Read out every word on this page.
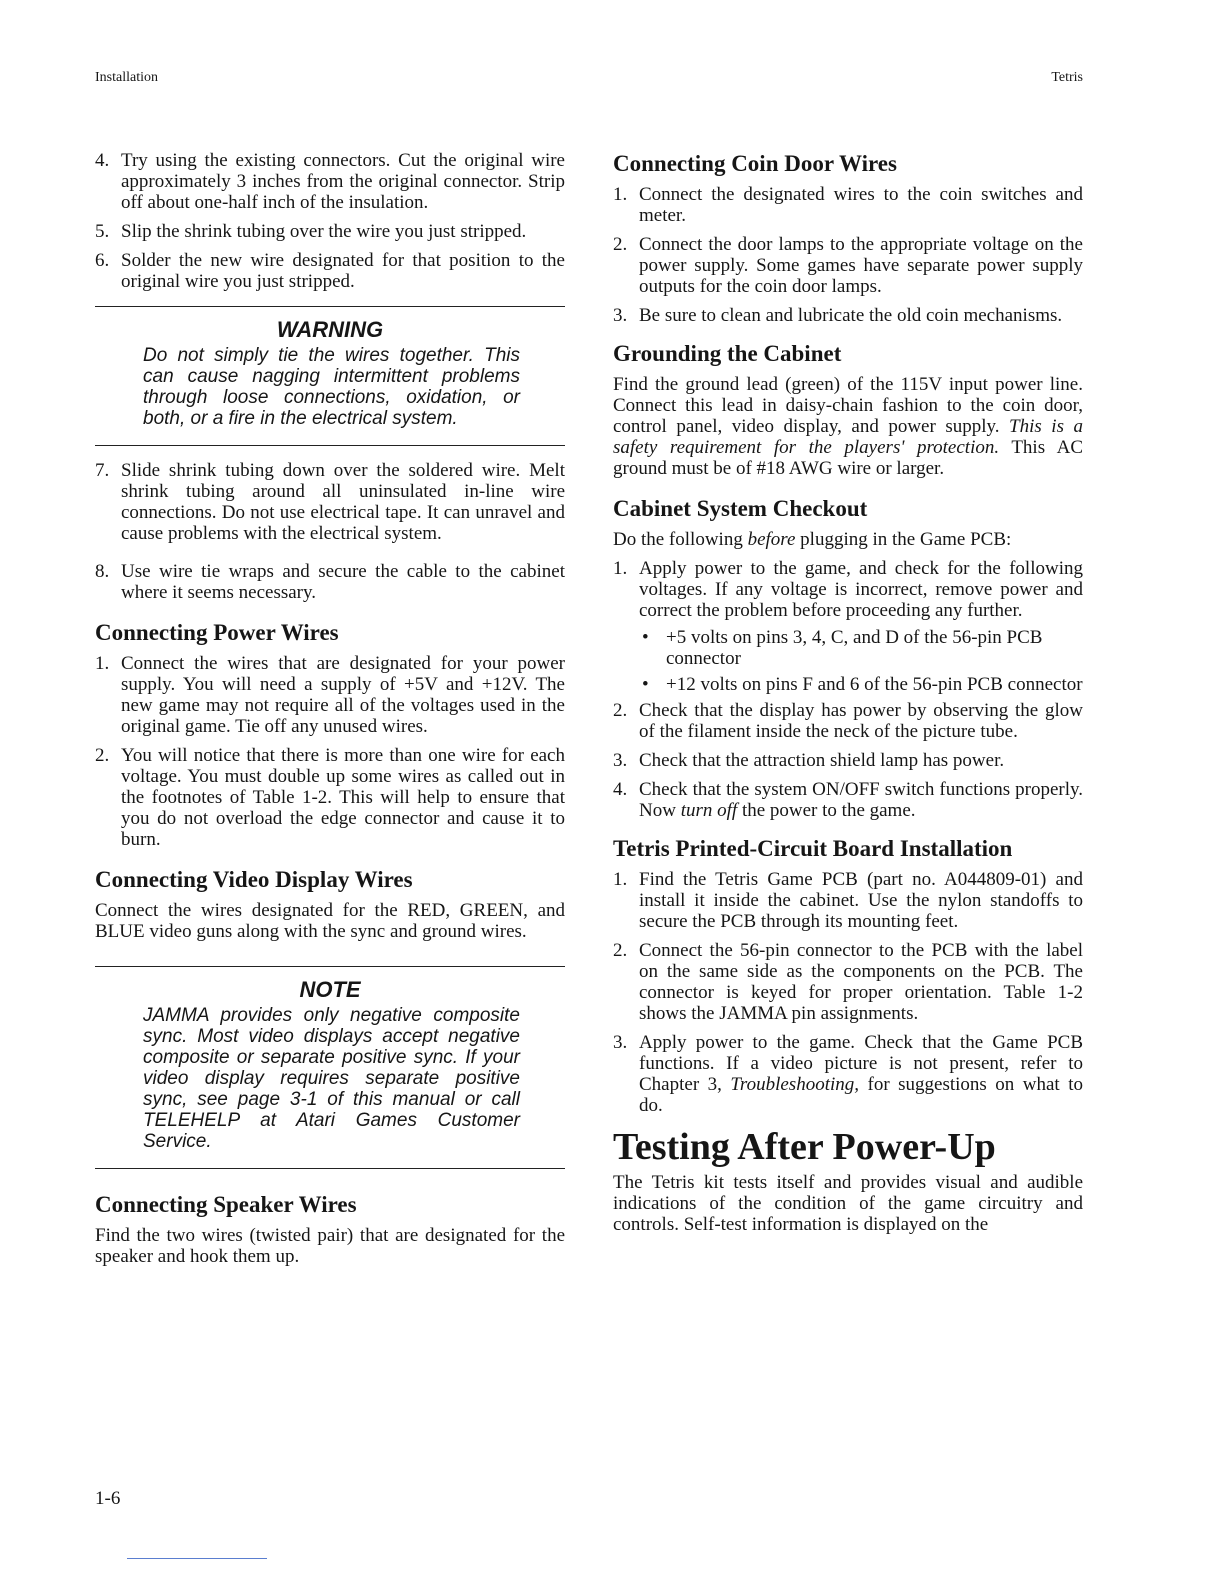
Installation	Tetris
4. Try using the existing connectors. Cut the original wire approximately 3 inches from the original connector. Strip off about one-half inch of the insulation.
5. Slip the shrink tubing over the wire you just stripped.
6. Solder the new wire designated for that position to the original wire you just stripped.
WARNING
Do not simply tie the wires together. This can cause nagging intermittent problems through loose connections, oxidation, or both, or a fire in the electrical system.
7. Slide shrink tubing down over the soldered wire. Melt shrink tubing around all uninsulated in-line wire connections. Do not use electrical tape. It can unravel and cause problems with the electrical system.
8. Use wire tie wraps and secure the cable to the cabinet where it seems necessary.
Connecting Power Wires
1. Connect the wires that are designated for your power supply. You will need a supply of +5V and +12V. The new game may not require all of the voltages used in the original game. Tie off any unused wires.
2. You will notice that there is more than one wire for each voltage. You must double up some wires as called out in the footnotes of Table 1-2. This will help to ensure that you do not overload the edge connector and cause it to burn.
Connecting Video Display Wires

Connect the wires designated for the RED, GREEN, and BLUE video guns along with the sync and ground wires.

NOTE
JAMMA provides only negative composite sync. Most video displays accept negative composite or separate positive sync. If your video display requires separate positive sync, see page 3-1 of this manual or call TELEHELP at Atari Games Customer Service.
Connecting Speaker Wires

Find the two wires (twisted pair) that are designated for the speaker and hook them up.

Connecting Coin Door Wires
1. Connect the designated wires to the coin switches and meter.
2. Connect the door lamps to the appropriate voltage on the power supply. Some games have separate power supply outputs for the coin door lamps.
3. Be sure to clean and lubricate the old coin mechanisms.
Grounding the Cabinet

Find the ground lead (green) of the 115V input power line. Connect this lead in daisy-chain fashion to the coin door, control panel, video display, and power supply. This is a safety requirement for the players' protection. This AC ground must be of #18 AWG wire or larger.

Cabinet System Checkout

Do the following before plugging in the Game PCB:

1. Apply power to the game, and check for the following voltages. If any voltage is incorrect, remove power and correct the problem before proceeding any further.
• +5 volts on pins 3, 4, C, and D of the 56-pin PCB connector
• +12 volts on pins F and 6 of the 56-pin PCB connector
2. Check that the display has power by observing the glow of the filament inside the neck of the picture tube.
3. Check that the attraction shield lamp has power.
4. Check that the system ON/OFF switch functions properly. Now turn off the power to the game.
Tetris Printed-Circuit Board Installation
1. Find the Tetris Game PCB (part no. A044809-01) and install it inside the cabinet. Use the nylon standoffs to secure the PCB through its mounting feet.
2. Connect the 56-pin connector to the PCB with the label on the same side as the components on the PCB. The connector is keyed for proper orientation. Table 1-2 shows the JAMMA pin assignments.
3. Apply power to the game. Check that the Game PCB functions. If a video picture is not present, refer to Chapter 3, Troubleshooting, for suggestions on what to do.
Testing After Power-Up

The Tetris kit tests itself and provides visual and audible indications of the condition of the game circuitry and controls. Self-test information is displayed on the

1-6
